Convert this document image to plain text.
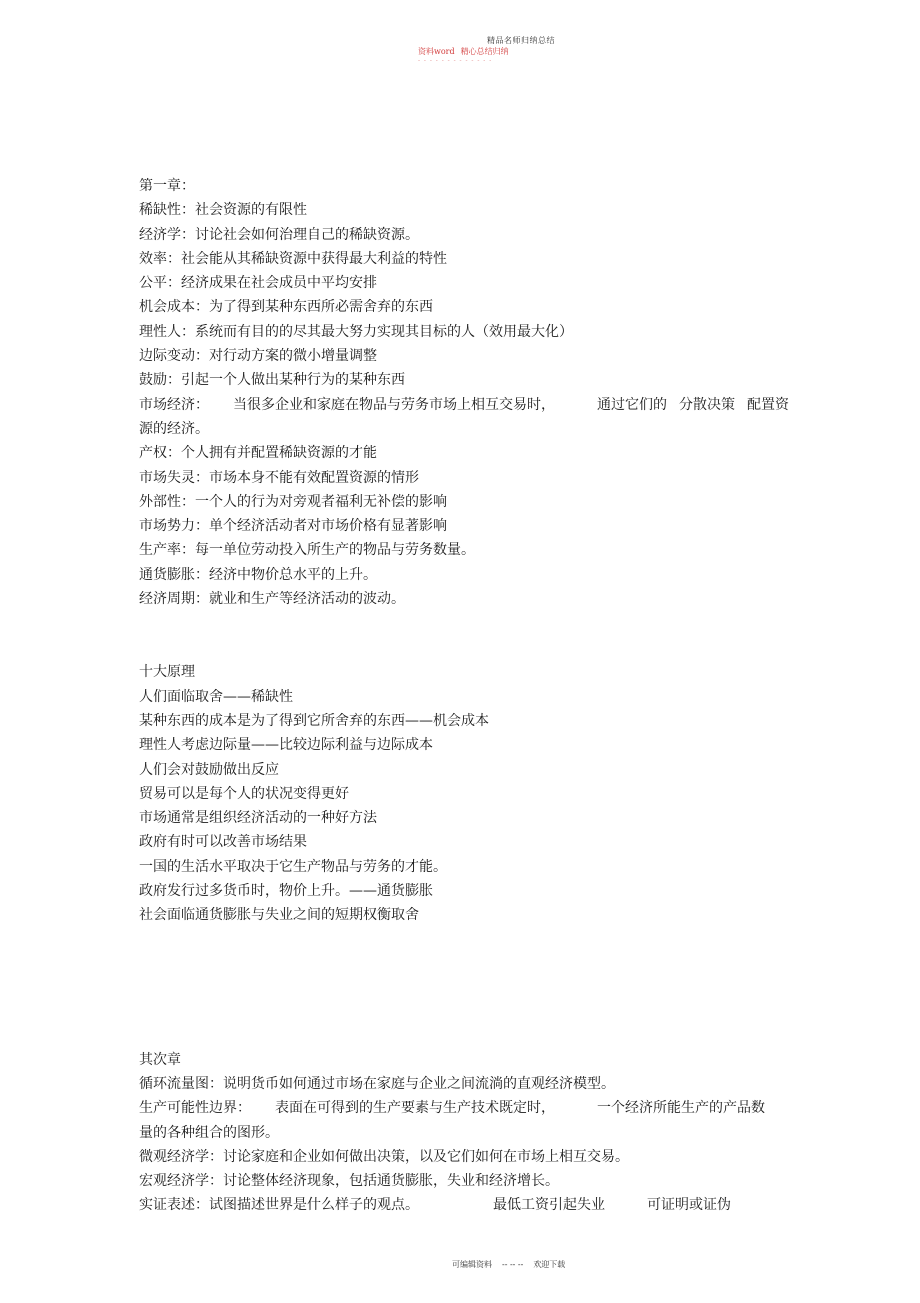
精品名师归纳总结
资料word 精心总结归纳
- - - - - - - - - - - - -
第一章：
稀缺性：社会资源的有限性
经济学：讨论社会如何治理自己的稀缺资源。
效率：社会能从其稀缺资源中获得最大利益的特性
公平：经济成果在社会成员中平均安排
机会成本：为了得到某种东西所必需舍弃的东西
理性人：系统而有目的的尽其最大努力实现其目标的人（效用最大化）
边际变动：对行动方案的微小增量调整
鼓励：引起一个人做出某种行为的某种东西
市场经济： 当很多企业和家庭在物品与劳务市场上相互交易时，	通过它们的 分散决策 配置资
源的经济。
产权：个人拥有并配置稀缺资源的才能
市场失灵：市场本身不能有效配置资源的情形
外部性：一个人的行为对旁观者福利无补偿的影响
市场势力：单个经济活动者对市场价格有显著影响
生产率：每一单位劳动投入所生产的物品与劳务数量。
通货膨胀：经济中物价总水平的上升。
经济周期：就业和生产等经济活动的波动。
十大原理
人们面临取舍——稀缺性
某种东西的成本是为了得到它所舍弃的东西——机会成本
理性人考虑边际量——比较边际利益与边际成本
人们会对鼓励做出反应
贸易可以是每个人的状况变得更好
市场通常是组织经济活动的一种好方法
政府有时可以改善市场结果
一国的生活水平取决于它生产物品与劳务的才能。
政府发行过多货币时，物价上升。——通货膨胀
社会面临通货膨胀与失业之间的短期权衡取舍
其次章
循环流量图：说明货币如何通过市场在家庭与企业之间流淌的直观经济模型。
生产可能性边界： 表面在可得到的生产要素与生产技术既定时，	一个经济所能生产的产品数
量的各种组合的图形。
微观经济学：讨论家庭和企业如何做出决策，以及它们如何在市场上相互交易。
宏观经济学：讨论整体经济现象，包括通货膨胀，失业和经济增长。
实证表述：试图描述世界是什么样子的观点。	最低工资引起失业	可证明或证伪
可编辑资料 -- -- -- 欢迎下载
